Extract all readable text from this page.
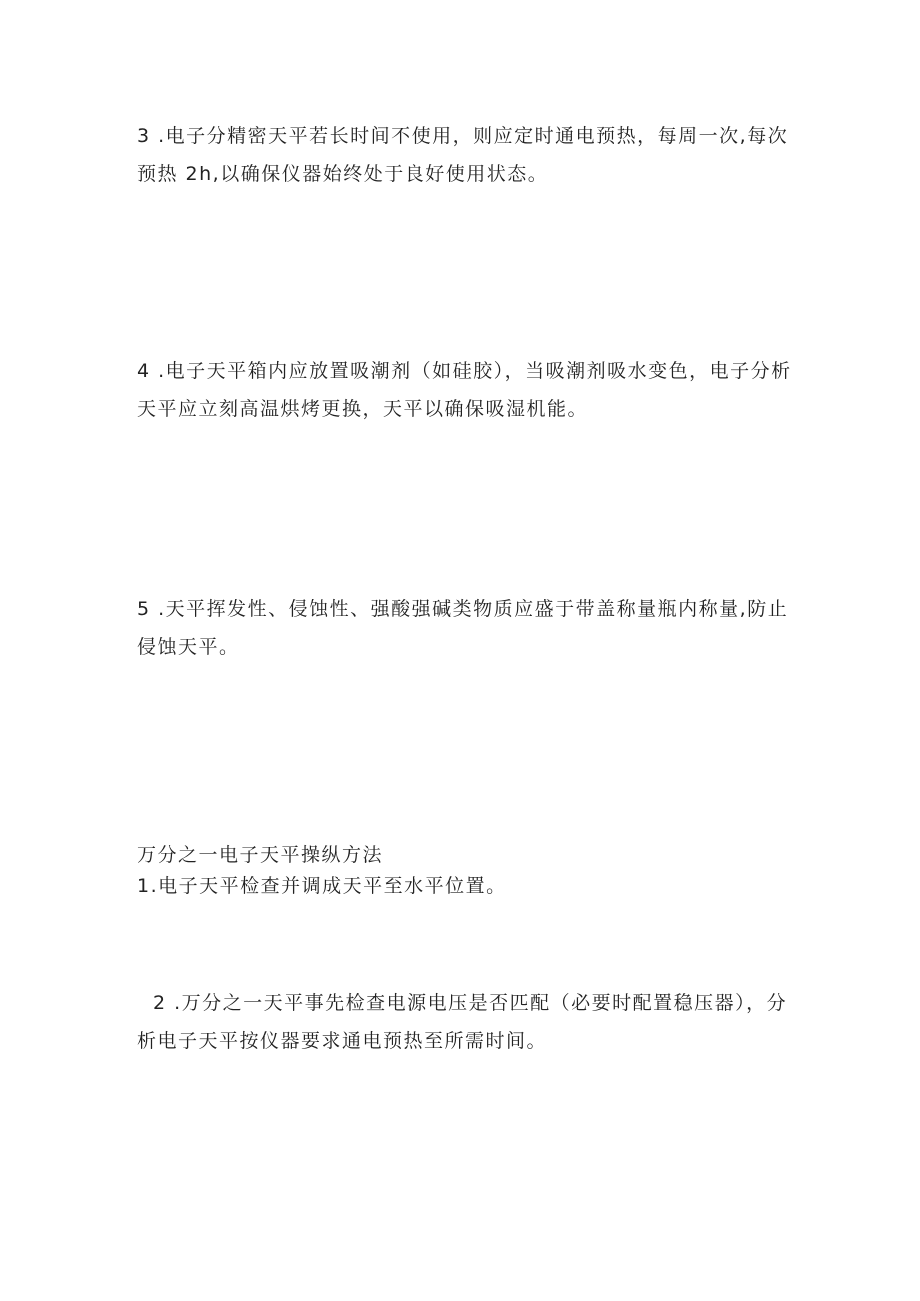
3 .电子分精密天平若长时间不使用，则应定时通电预热，每周一次,每次预热 2h,以确保仪器始终处于良好使用状态。

4 .电子天平箱内应放置吸潮剂（如硅胶），当吸潮剂吸水变色，电子分析天平应立刻高温烘烤更换，天平以确保吸湿机能。

5 .天平挥发性、侵蚀性、强酸强碱类物质应盛于带盖称量瓶内称量,防止侵蚀天平。

万分之一电子天平操纵方法

1.电子天平检查并调成天平至水平位置。

2 .万分之一天平事先检查电源电压是否匹配（必要时配置稳压器），分析电子天平按仪器要求通电预热至所需时间。
